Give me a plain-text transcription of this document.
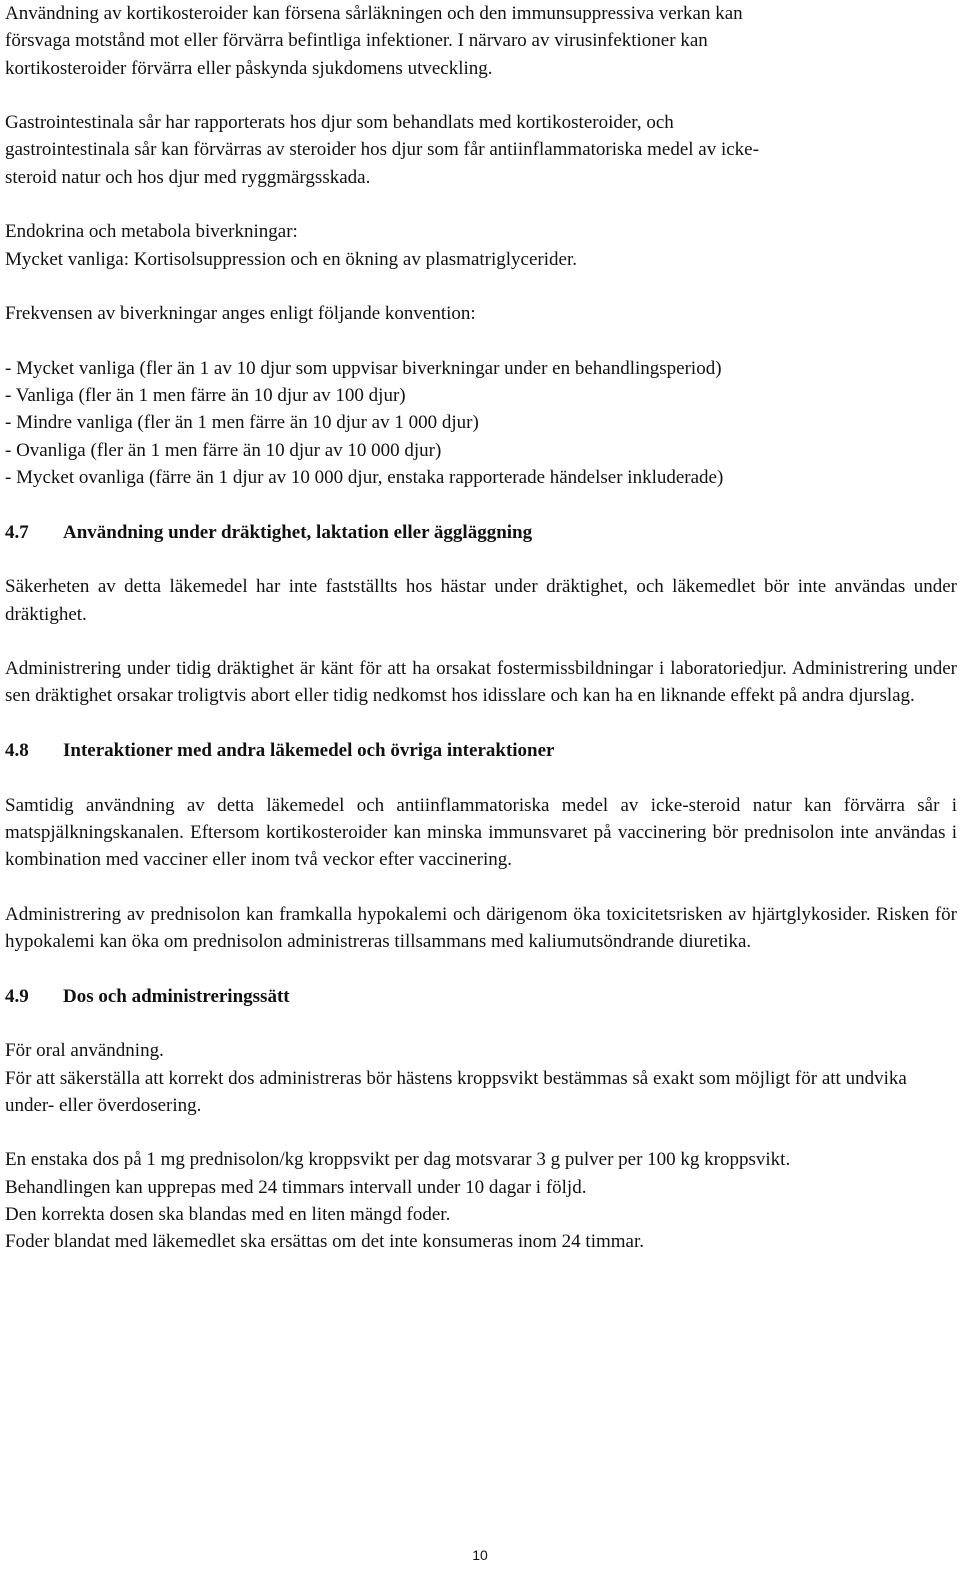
Användning av kortikosteroider kan försena sårläkningen och den immunsuppressiva verkan kan
försvaga motstånd mot eller förvärra befintliga infektioner. I närvaro av virusinfektioner kan
kortikosteroider förvärra eller påskynda sjukdomens utveckling.

Gastrointestinala sår har rapporterats hos djur som behandlats med kortikosteroider, och
gastrointestinala sår kan förvärras av steroider hos djur som får antiinflammatoriska medel av icke-
steroid natur och hos djur med ryggmärgsskada.

Endokrina och metabola biverkningar:
Mycket vanliga: Kortisolsuppression och en ökning av plasmatriglycerider.

Frekvensen av biverkningar anges enligt följande konvention:

- Mycket vanliga (fler än 1 av 10 djur som uppvisar biverkningar under en behandlingsperiod)
- Vanliga (fler än 1 men färre än 10 djur av 100 djur)
- Mindre vanliga (fler än 1 men färre än 10 djur av 1 000 djur)
- Ovanliga (fler än 1 men färre än 10 djur av 10 000 djur)
- Mycket ovanliga (färre än 1 djur av 10 000 djur, enstaka rapporterade händelser inkluderade)

4.7	Användning under dräktighet, laktation eller äggläggning

Säkerheten av detta läkemedel har inte fastställts hos hästar under dräktighet, och läkemedlet bör inte användas under dräktighet.

Administrering under tidig dräktighet är känt för att ha orsakat fostermissbildningar i laboratoriedjur. Administrering under sen dräktighet orsakar troligtvis abort eller tidig nedkomst hos idisslare och kan ha en liknande effekt på andra djurslag.

4.8	Interaktioner med andra läkemedel och övriga interaktioner

Samtidig användning av detta läkemedel och antiinflammatoriska medel av icke-steroid natur kan förvärra sår i matspjälkningskanalen. Eftersom kortikosteroider kan minska immunsvaret på vaccinering bör prednisolon inte användas i kombination med vacciner eller inom två veckor efter vaccinering.

Administrering av prednisolon kan framkalla hypokalemi och därigenom öka toxicitetsrisken av hjärtglykosider. Risken för hypokalemi kan öka om prednisolon administreras tillsammans med kaliumutsöndrande diuretika.

4.9	Dos och administreringssätt

För oral användning.

För att säkerställa att korrekt dos administreras bör hästens kroppsvikt bestämmas så exakt som möjligt för att undvika under- eller överdosering.

En enstaka dos på 1 mg prednisolon/kg kroppsvikt per dag motsvarar 3 g pulver per 100 kg kroppsvikt.

Behandlingen kan upprepas med 24 timmars intervall under 10 dagar i följd.

Den korrekta dosen ska blandas med en liten mängd foder.

Foder blandat med läkemedlet ska ersättas om det inte konsumeras inom 24 timmar.

10
